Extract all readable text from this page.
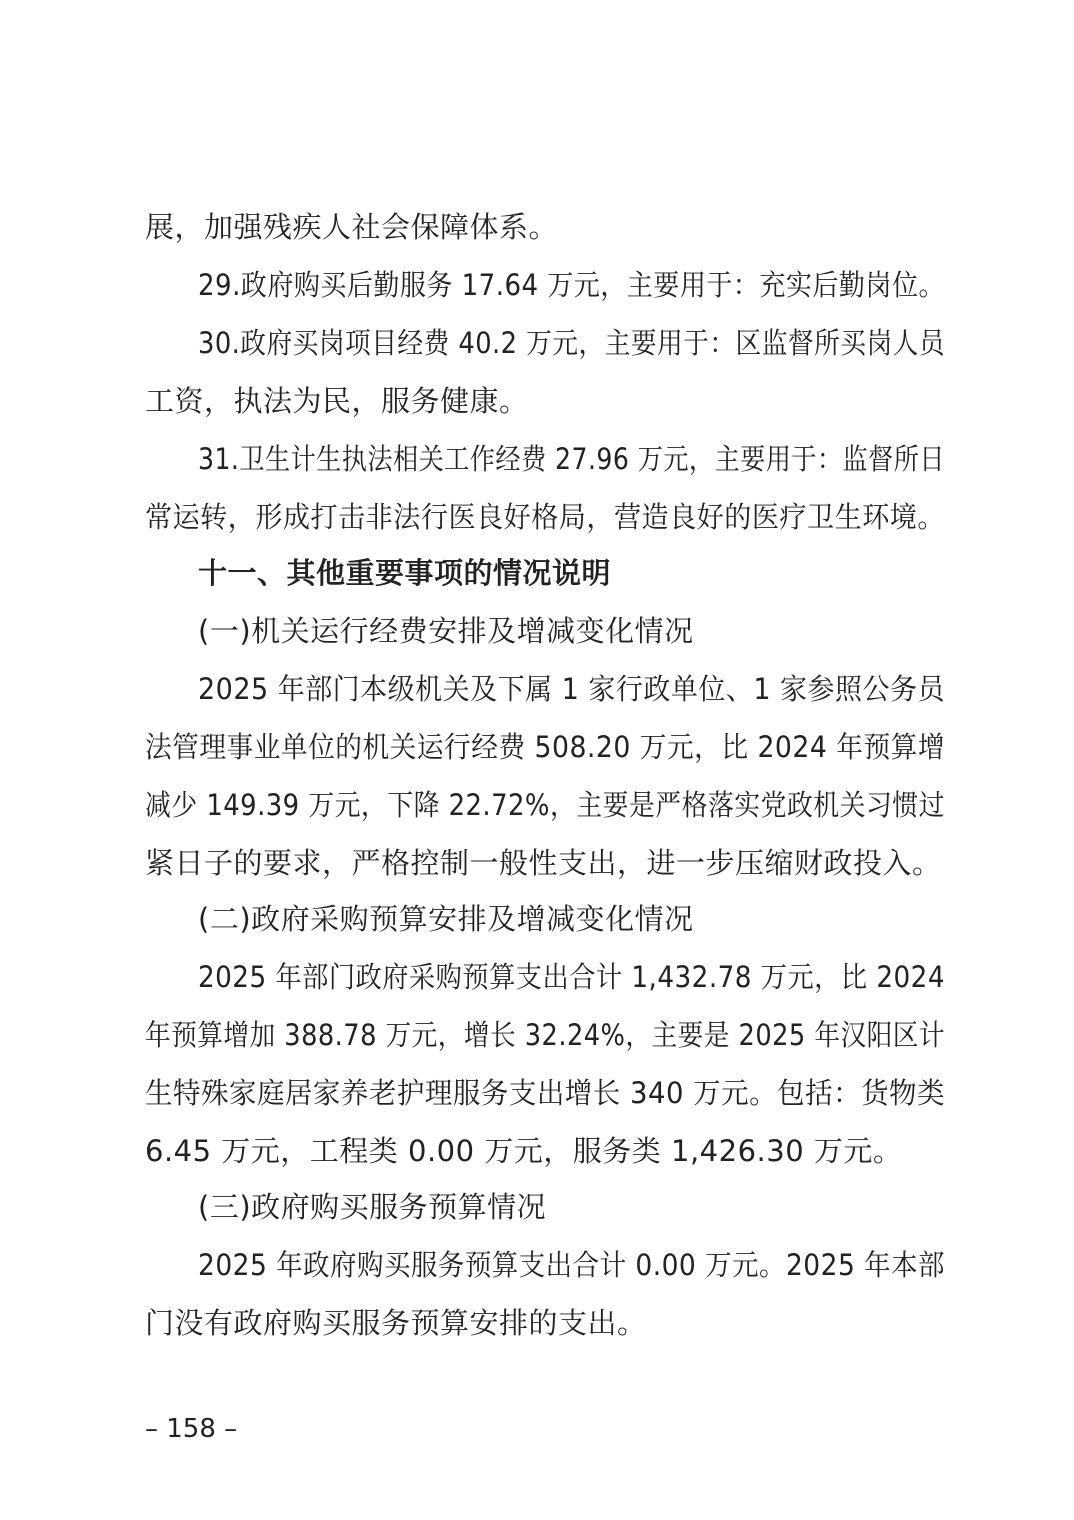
展，加强残疾人社会保障体系。
29.政府购买后勤服务 17.64 万元，主要用于：充实后勤岗位。
30.政府买岗项目经费 40.2 万元，主要用于：区监督所买岗人员
工资，执法为民，服务健康。
31.卫生计生执法相关工作经费 27.96 万元，主要用于：监督所日
常运转，形成打击非法行医良好格局，营造良好的医疗卫生环境。
十一、其他重要事项的情况说明
(一)机关运行经费安排及增减变化情况
2025 年部门本级机关及下属 1 家行政单位、1 家参照公务员
法管理事业单位的机关运行经费 508.20 万元，比 2024 年预算增
减少 149.39 万元，下降 22.72%，主要是严格落实党政机关习惯过
紧日子的要求，严格控制一般性支出，进一步压缩财政投入。
(二)政府采购预算安排及增减变化情况
2025 年部门政府采购预算支出合计 1,432.78 万元，比 2024
年预算增加 388.78 万元，增长 32.24%，主要是 2025 年汉阳区计
生特殊家庭居家养老护理服务支出增长 340 万元。包括：货物类
6.45 万元，工程类 0.00 万元，服务类 1,426.30 万元。
(三)政府购买服务预算情况
2025 年政府购买服务预算支出合计 0.00 万元。2025 年本部
门没有政府购买服务预算安排的支出。
– 158 –
